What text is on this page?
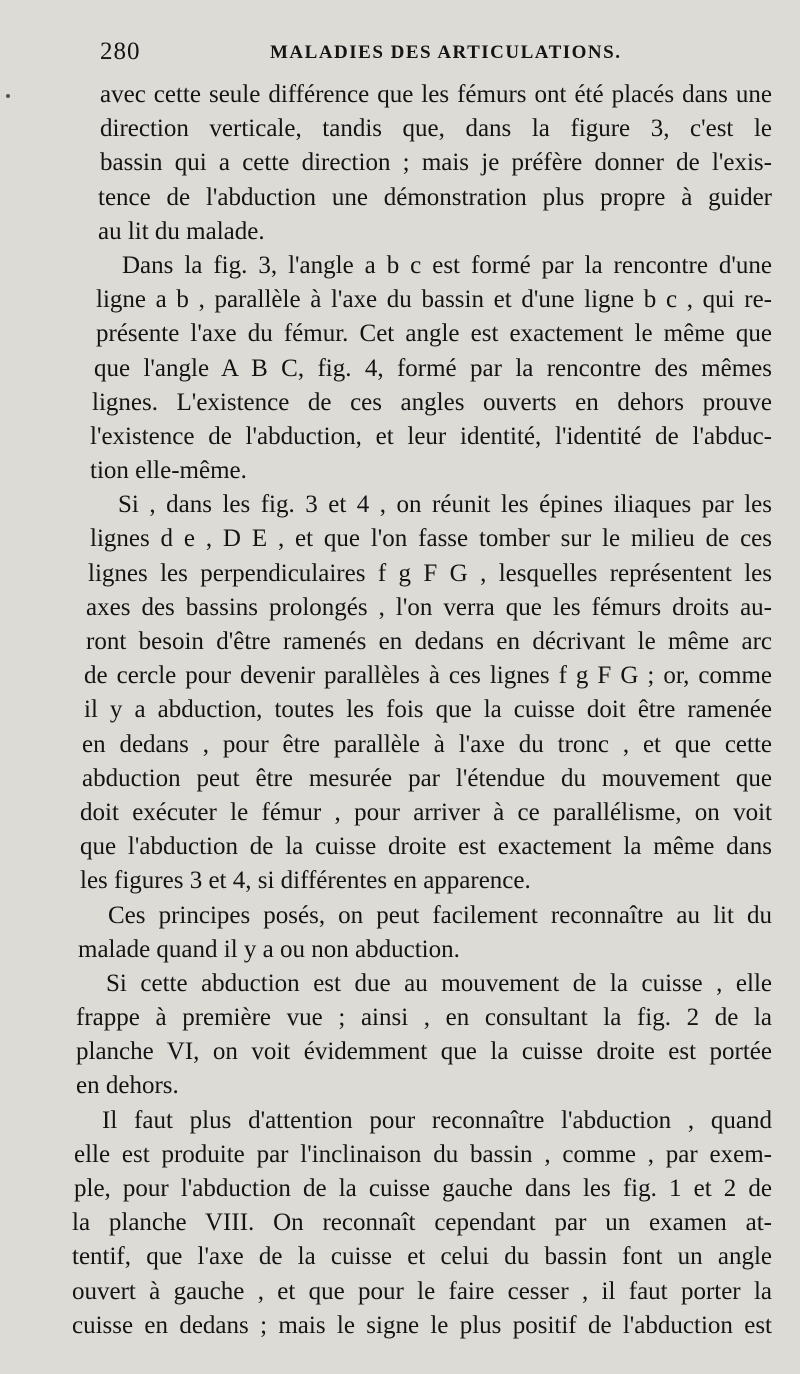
280	MALADIES DES ARTICULATIONS.
avec cette seule différence que les fémurs ont été placés dans une
direction verticale, tandis que, dans la figure 3, c'est le
bassin qui a cette direction ; mais je préfère donner de l'exis-
tence de l'abduction une démonstration plus propre à guider
au lit du malade.
Dans la fig. 3, l'angle a b c est formé par la rencontre d'une
ligne a b , parallèle à l'axe du bassin et d'une ligne b c , qui re-
présente l'axe du fémur. Cet angle est exactement le même que
que l'angle A B C, fig. 4, formé par la rencontre des mêmes
lignes. L'existence de ces angles ouverts en dehors prouve
l'existence de l'abduction, et leur identité, l'identité de l'abduc-
tion elle-même.
Si , dans les fig. 3 et 4 , on réunit les épines iliaques par les
lignes d e , D E , et que l'on fasse tomber sur le milieu de ces
lignes les perpendiculaires f g F G , lesquelles représentent les
axes des bassins prolongés , l'on verra que les fémurs droits au-
ront besoin d'être ramenés en dedans en décrivant le même arc
de cercle pour devenir parallèles à ces lignes f g F G ; or, comme
il y a abduction, toutes les fois que la cuisse doit être ramenée
en dedans , pour être parallèle à l'axe du tronc , et que cette
abduction peut être mesurée par l'étendue du mouvement que
doit exécuter le fémur , pour arriver à ce parallélisme, on voit
que l'abduction de la cuisse droite est exactement la même dans
les figures 3 et 4, si différentes en apparence.
Ces principes posés, on peut facilement reconnaître au lit du
malade quand il y a ou non abduction.
Si cette abduction est due au mouvement de la cuisse , elle
frappe à première vue ; ainsi , en consultant la fig. 2 de la
planche VI, on voit évidemment que la cuisse droite est portée
en dehors.
Il faut plus d'attention pour reconnaître l'abduction , quand
elle est produite par l'inclinaison du bassin , comme , par exem-
ple, pour l'abduction de la cuisse gauche dans les fig. 1 et 2 de
la planche VIII. On reconnaît cependant par un examen at-
tentif, que l'axe de la cuisse et celui du bassin font un angle
ouvert à gauche , et que pour le faire cesser , il faut porter la
cuisse en dedans ; mais le signe le plus positif de l'abduction est
